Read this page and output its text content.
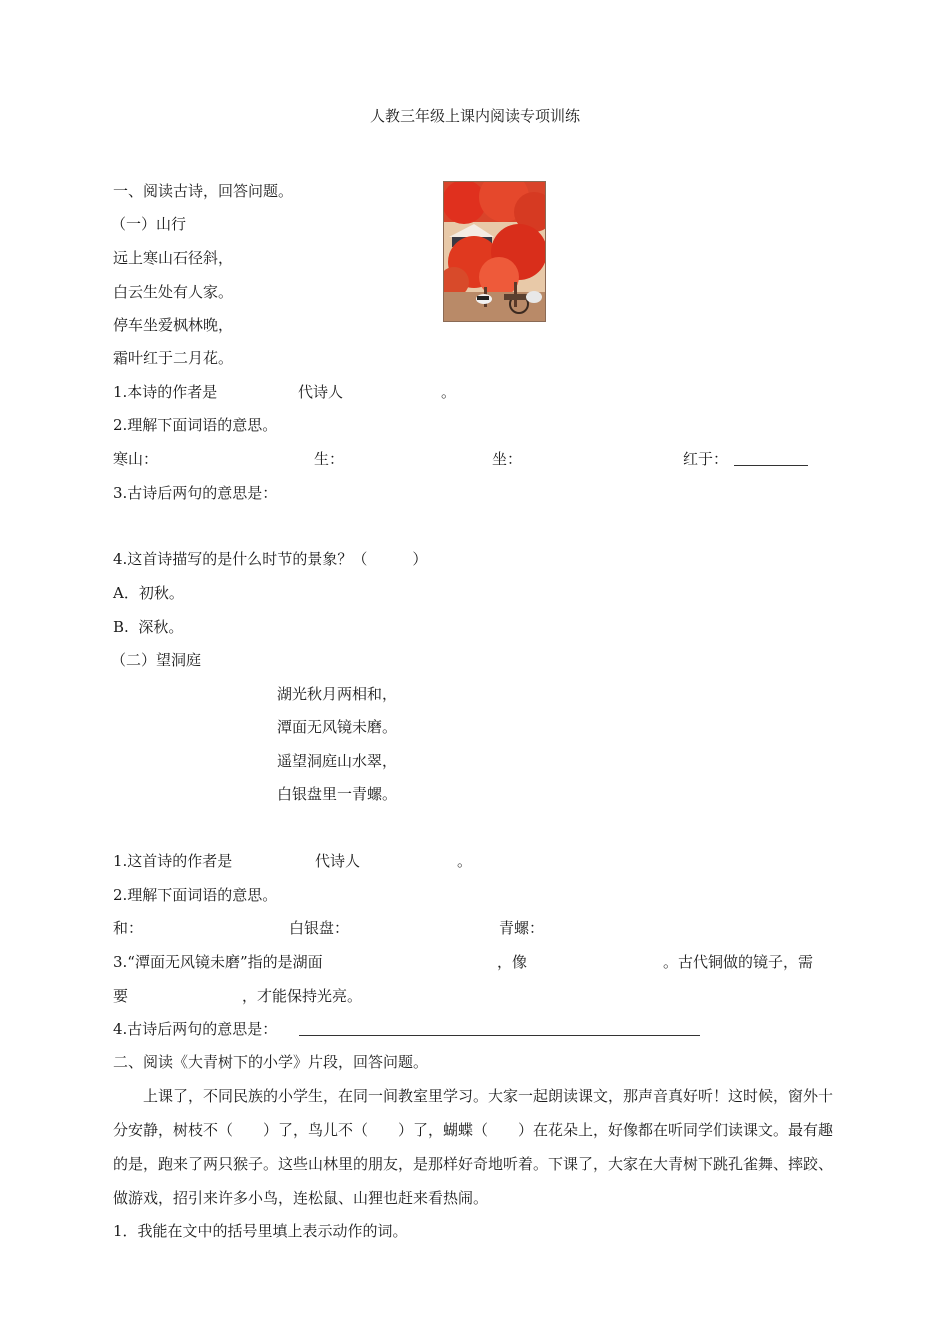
人教三年级上课内阅读专项训练
一、阅读古诗，回答问题。
（一）山行
远上寒山石径斜，
白云生处有人家。
停车坐爱枫林晚，
霜叶红于二月花。
1.本诗的作者是	代诗人	。
2.理解下面词语的意思。
寒山：	生：	坐：	红于：
3.古诗后两句的意思是：
4.这首诗描写的是什么时节的景象？（　　　）
A．初秋。
B.  深秋。
（二）望洞庭
湖光秋月两相和，
潭面无风镜未磨。
遥望洞庭山水翠，
白银盘里一青螺。
1.这首诗的作者是	代诗人	。
2.理解下面词语的意思。
和：	白银盘：	青螺：
3.“潭面无风镜未磨”指的是湖面	，像	。古代铜做的镜子，需
要	，才能保持光亮。
4.古诗后两句的意思是：
二、阅读《大青树下的小学》片段，回答问题。
上课了，不同民族的小学生，在同一间教室里学习。大家一起朗读课文，那声音真好听！这时候，窗外十分安静，树枝不（　　）了，鸟儿不（　　）了，蝴蝶（　　）在花朵上，好像都在听同学们读课文。最有趣的是，跑来了两只猴子。这些山林里的朋友，是那样好奇地听着。下课了，大家在大青树下跳孔雀舞、摔跤、做游戏，招引来许多小鸟，连松鼠、山狸也赶来看热闹。
1．我能在文中的括号里填上表示动作的词。
